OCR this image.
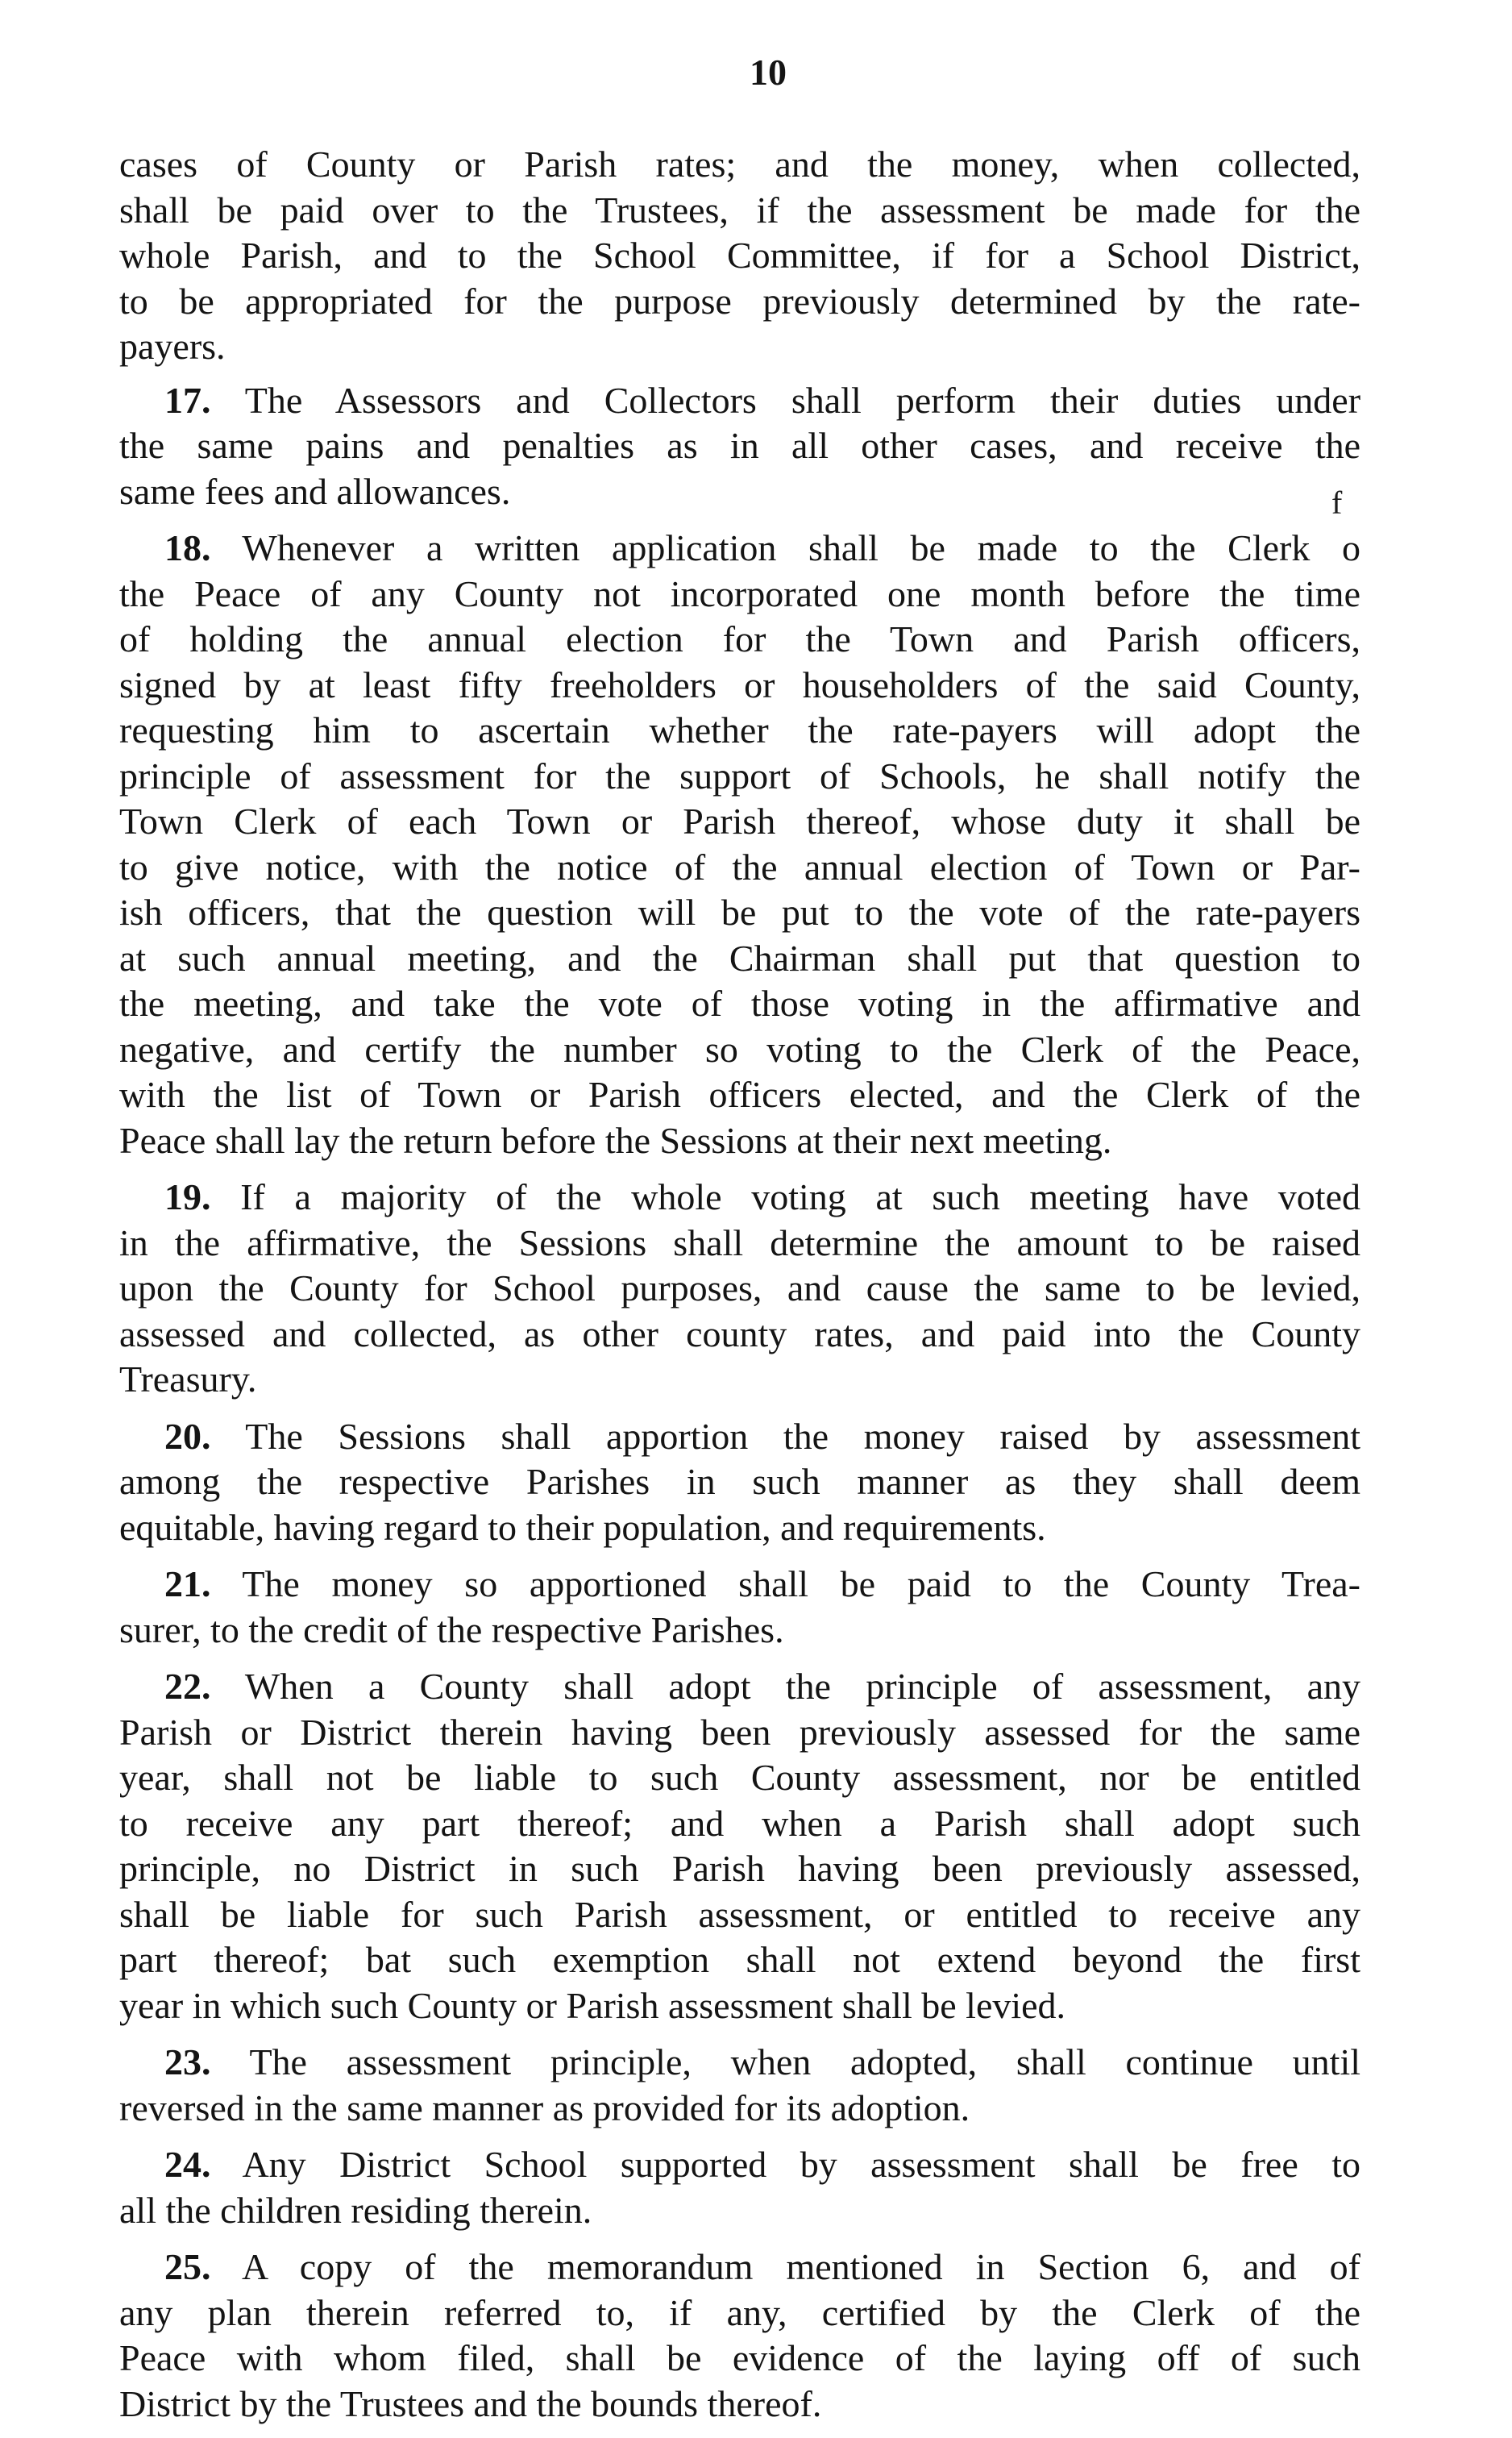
10
cases of County or Parish rates; and the money, when collected,
shall be paid over to the Trustees, if the assessment be made for the
whole Parish, and to the School Committee, if for a School District,
to be appropriated for the purpose previously determined by the rate-
payers.
17. The Assessors and Collectors shall perform their duties under
the same pains and penalties as in all other cases, and receive the
same fees and allowances.
18. Whenever a written application shall be made to the Clerk o
the Peace of any County not incorporated one month before the time
of holding the annual election for the Town and Parish officers,
signed by at least fifty freeholders or householders of the said County,
requesting him to ascertain whether the rate-payers will adopt the
principle of assessment for the support of Schools, he shall notify the
Town Clerk of each Town or Parish thereof, whose duty it shall be
to give notice, with the notice of the annual election of Town or Par-
ish officers, that the question will be put to the vote of the rate-payers
at such annual meeting, and the Chairman shall put that question to
the meeting, and take the vote of those voting in the affirmative and
negative, and certify the number so voting to the Clerk of the Peace,
with the list of Town or Parish officers elected, and the Clerk of the
Peace shall lay the return before the Sessions at their next meeting.
19. If a majority of the whole voting at such meeting have voted
in the affirmative, the Sessions shall determine the amount to be raised
upon the County for School purposes, and cause the same to be levied,
assessed and collected, as other county rates, and paid into the County
Treasury.
20. The Sessions shall apportion the money raised by assessment
among the respective Parishes in such manner as they shall deem
equitable, having regard to their population, and requirements.
21. The money so apportioned shall be paid to the County Trea-
surer, to the credit of the respective Parishes.
22. When a County shall adopt the principle of assessment, any
Parish or District therein having been previously assessed for the same
year, shall not be liable to such County assessment, nor be entitled
to receive any part thereof; and when a Parish shall adopt such
principle, no District in such Parish having been previously assessed,
shall be liable for such Parish assessment, or entitled to receive any
part thereof; bat such exemption shall not extend beyond the first
year in which such County or Parish assessment shall be levied.
23. The assessment principle, when adopted, shall continue until
reversed in the same manner as provided for its adoption.
24. Any District School supported by assessment shall be free to
all the children residing therein.
25. A copy of the memorandum mentioned in Section 6, and of
any plan therein referred to, if any, certified by the Clerk of the
Peace with whom filed, shall be evidence of the laying off of such
District by the Trustees and the bounds thereof.
f
